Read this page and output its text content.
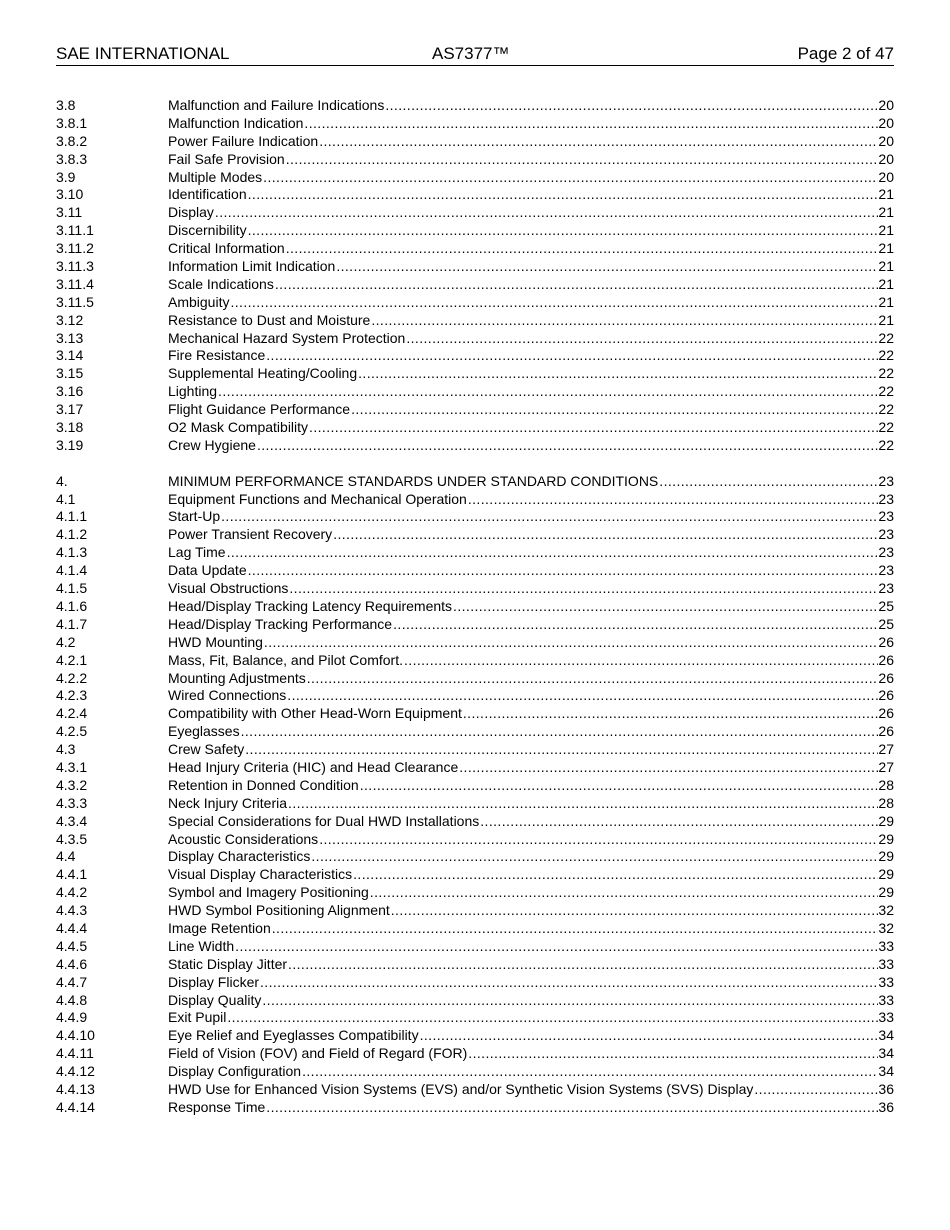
SAE INTERNATIONAL	AS7377™	Page 2 of 47
3.8	Malfunction and Failure Indications .....	20
3.8.1	Malfunction Indication .....	20
3.8.2	Power Failure Indication .....	20
3.8.3	Fail Safe Provision .....	20
3.9	Multiple Modes .....	20
3.10	Identification .....	21
3.11	Display .....	21
3.11.1	Discernibility .....	21
3.11.2	Critical Information .....	21
3.11.3	Information Limit Indication .....	21
3.11.4	Scale Indications .....	21
3.11.5	Ambiguity .....	21
3.12	Resistance to Dust and Moisture .....	21
3.13	Mechanical Hazard System Protection .....	22
3.14	Fire Resistance .....	22
3.15	Supplemental Heating/Cooling .....	22
3.16	Lighting .....	22
3.17	Flight Guidance Performance .....	22
3.18	O2 Mask Compatibility .....	22
3.19	Crew Hygiene .....	22
4.	MINIMUM PERFORMANCE STANDARDS UNDER STANDARD CONDITIONS .....	23
4.1	Equipment Functions and Mechanical Operation .....	23
4.1.1	Start-Up .....	23
4.1.2	Power Transient Recovery .....	23
4.1.3	Lag Time .....	23
4.1.4	Data Update .....	23
4.1.5	Visual Obstructions .....	23
4.1.6	Head/Display Tracking Latency Requirements .....	25
4.1.7	Head/Display Tracking Performance .....	25
4.2	HWD Mounting .....	26
4.2.1	Mass, Fit, Balance, and Pilot Comfort. .....	26
4.2.2	Mounting Adjustments .....	26
4.2.3	Wired Connections .....	26
4.2.4	Compatibility with Other Head-Worn Equipment .....	26
4.2.5	Eyeglasses .....	26
4.3	Crew Safety .....	27
4.3.1	Head Injury Criteria (HIC) and Head Clearance .....	27
4.3.2	Retention in Donned Condition .....	28
4.3.3	Neck Injury Criteria .....	28
4.3.4	Special Considerations for Dual HWD Installations .....	29
4.3.5	Acoustic Considerations .....	29
4.4	Display Characteristics .....	29
4.4.1	Visual Display Characteristics .....	29
4.4.2	Symbol and Imagery Positioning .....	29
4.4.3	HWD Symbol Positioning Alignment .....	32
4.4.4	Image Retention .....	32
4.4.5	Line Width .....	33
4.4.6	Static Display Jitter .....	33
4.4.7	Display Flicker .....	33
4.4.8	Display Quality .....	33
4.4.9	Exit Pupil .....	33
4.4.10	Eye Relief and Eyeglasses Compatibility .....	34
4.4.11	Field of Vision (FOV) and Field of Regard (FOR) .....	34
4.4.12	Display Configuration .....	34
4.4.13	HWD Use for Enhanced Vision Systems (EVS) and/or Synthetic Vision Systems (SVS) Display .....	36
4.4.14	Response Time .....	36
